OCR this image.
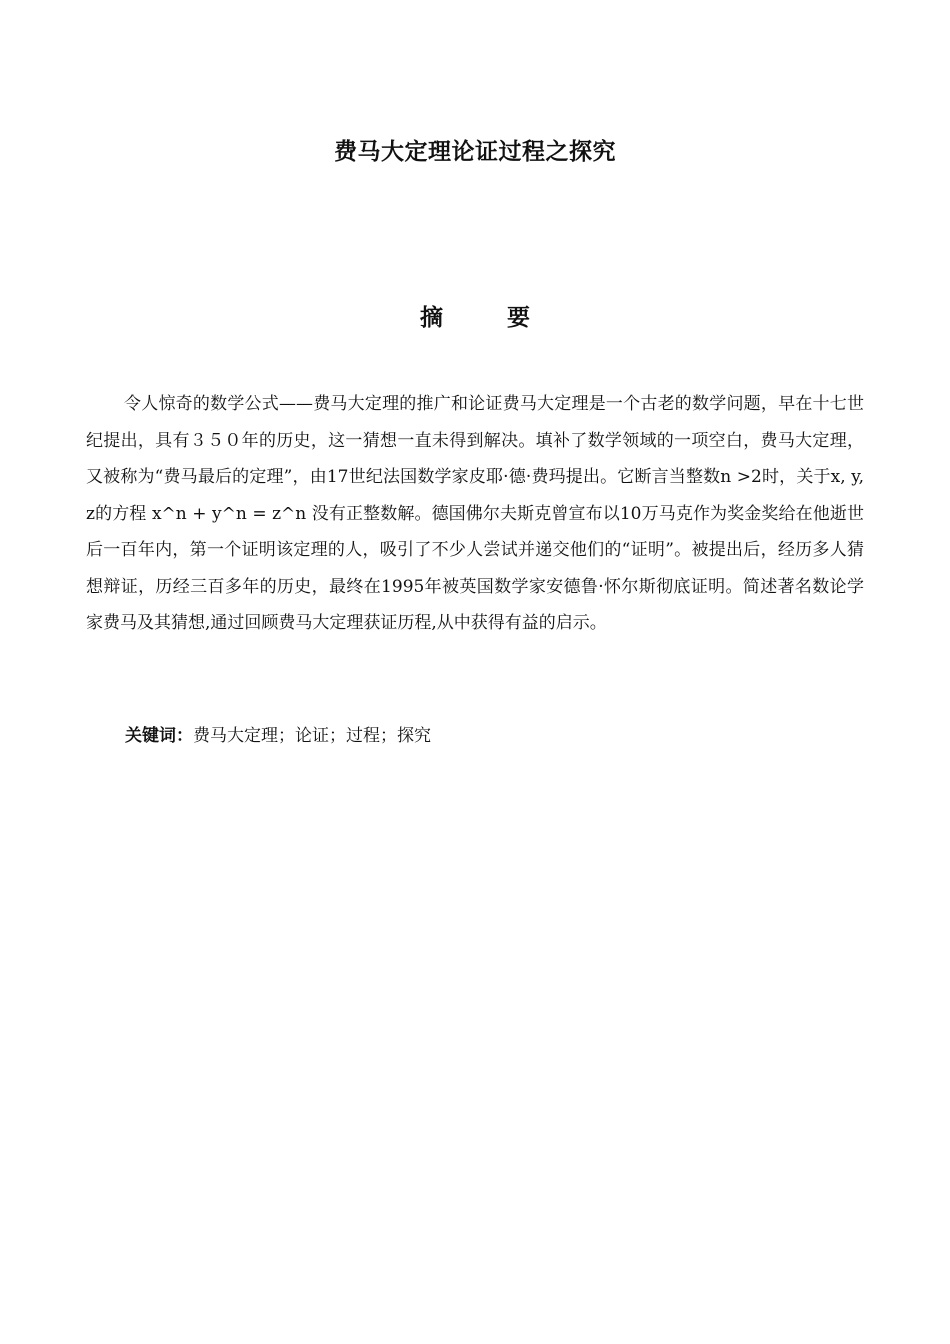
费马大定理论证过程之探究
摘 要

令人惊奇的数学公式——费马大定理的推广和论证费马大定理是一个古老的数学问题，早在十七世纪提出，具有３５０年的历史，这一猜想一直未得到解决。填补了数学领域的一项空白，费马大定理，又被称为“费马最后的定理”，由17世纪法国数学家皮耶·德·费玛提出。它断言当整数n >2时，关于x, y, z的方程 x^n + y^n = z^n 没有正整数解。德国佛尔夫斯克曾宣布以10万马克作为奖金奖给在他逝世后一百年内，第一个证明该定理的人，吸引了不少人尝试并递交他们的“证明”。被提出后，经历多人猜想辩证，历经三百多年的历史，最终在1995年被英国数学家安德鲁·怀尔斯彻底证明。简述著名数论学家费马及其猜想,通过回顾费马大定理获证历程,从中获得有益的启示。

关键词：费马大定理；论证；过程；探究
